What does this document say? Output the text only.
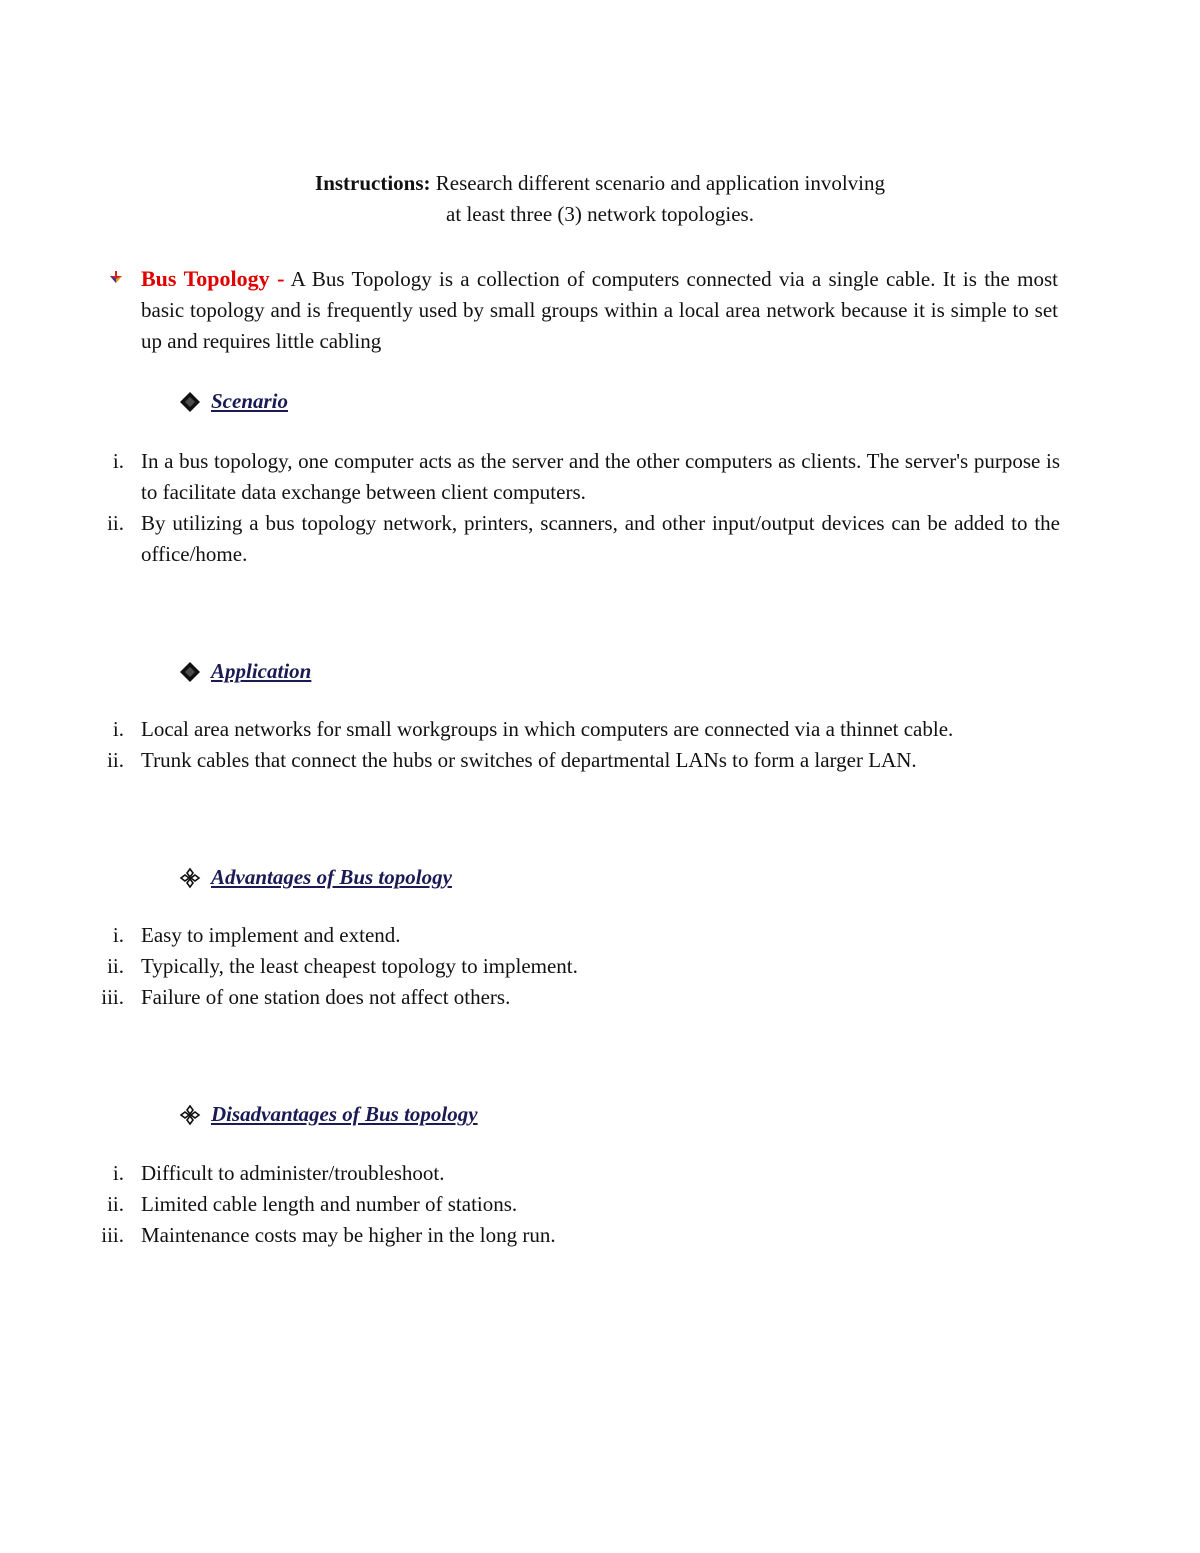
Instructions: Research different scenario and application involving
at least three (3) network topologies.
Bus Topology - A Bus Topology is a collection of computers connected via a single cable. It is the most basic topology and is frequently used by small groups within a local area network because it is simple to set up and requires little cabling
Scenario
i. In a bus topology, one computer acts as the server and the other computers as clients. The server's purpose is to facilitate data exchange between client computers.
ii. By utilizing a bus topology network, printers, scanners, and other input/output devices can be added to the office/home.
Application
i. Local area networks for small workgroups in which computers are connected via a thinnet cable.
ii. Trunk cables that connect the hubs or switches of departmental LANs to form a larger LAN.
Advantages of Bus topology
i. Easy to implement and extend.
ii. Typically, the least cheapest topology to implement.
iii. Failure of one station does not affect others.
Disadvantages of Bus topology
i. Difficult to administer/troubleshoot.
ii. Limited cable length and number of stations.
iii. Maintenance costs may be higher in the long run.
